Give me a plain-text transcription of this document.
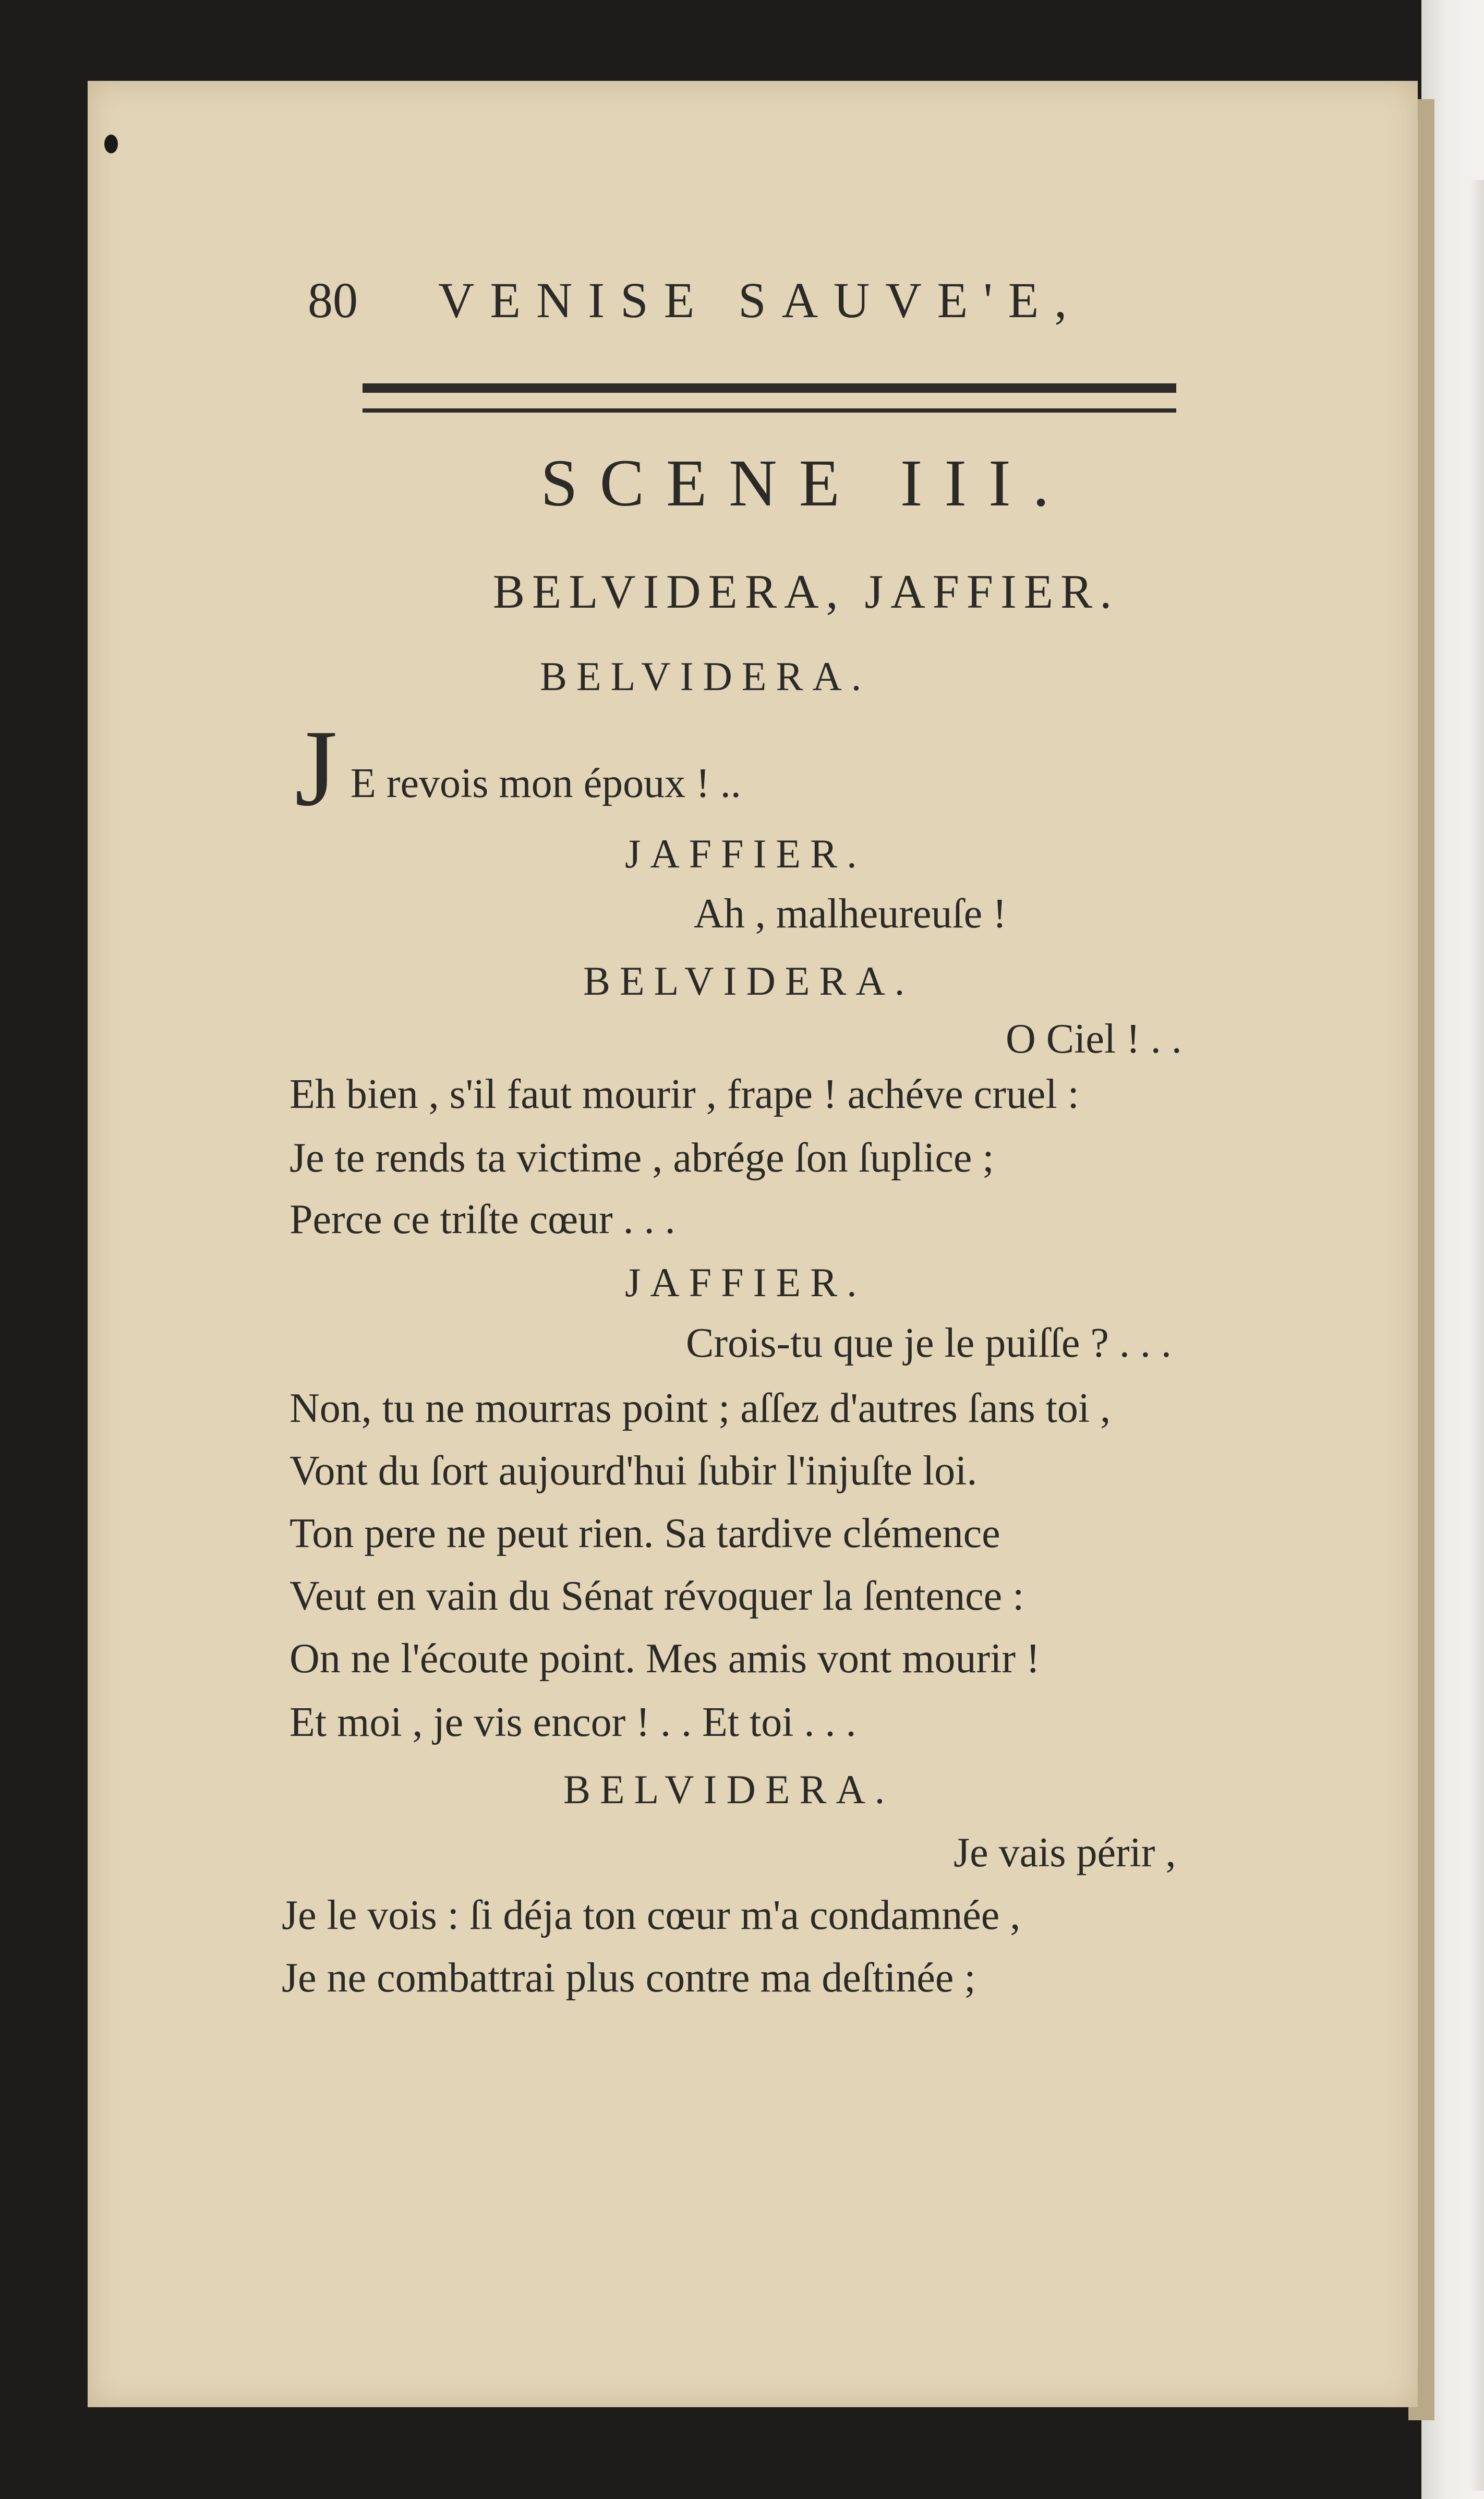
80 VENISE SAUVE'E,
SCENE III.
BELVIDERA, JAFFIER.
BELVIDERA.
J E revois mon époux ! ..
JAFFIER.
Ah , malheureuſe !
BELVIDERA.
O Ciel ! . .
Eh bien , s'il faut mourir , frape ! achéve cruel :
Je te rends ta victime , abrége ſon ſuplice ;
Perce ce triſte cœur . . .
JAFFIER.
Crois-tu que je le puiſſe ? . . .
Non, tu ne mourras point ; aſſez d'autres ſans toi ,
Vont du ſort aujourd'hui ſubir l'injuſte loi.
Ton pere ne peut rien. Sa tardive clémence
Veut en vain du Sénat révoquer la ſentence :
On ne l'écoute point. Mes amis vont mourir !
Et moi , je vis encor ! . . Et toi . . .
BELVIDERA.
Je vais périr ,
Je le vois : ſi déja ton cœur m'a condamnée ,
Je ne combattrai plus contre ma deſtinée ;
